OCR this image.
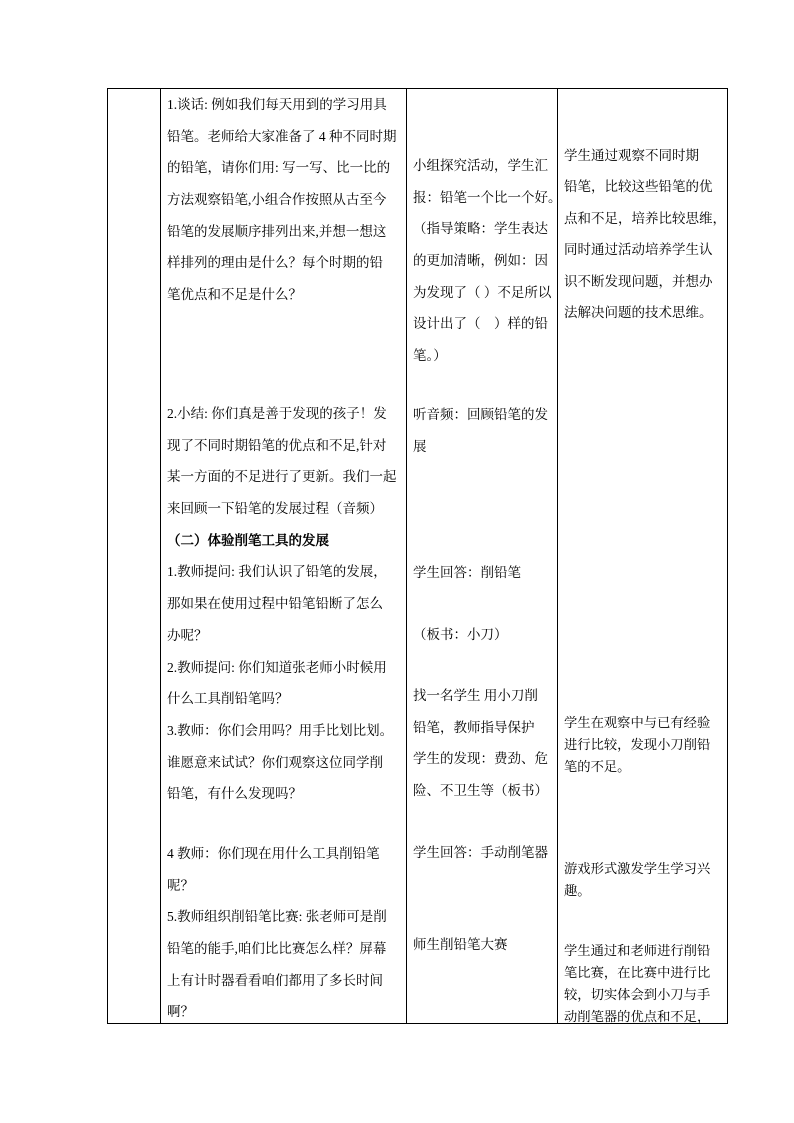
1.谈话: 例如我们每天用到的学习用具
铅笔。老师给大家准备了 4 种不同时期
的铅笔，请你们用: 写一写、比一比的
方法观察铅笔,小组合作按照从古至今
铅笔的发展顺序排列出来,并想一想这
样排列的理由是什么？每个时期的铅
笔优点和不足是什么？
2.小结: 你们真是善于发现的孩子！发
现了不同时期铅笔的优点和不足,针对
某一方面的不足进行了更新。我们一起
来回顾一下铅笔的发展过程（音频）
（二）体验削笔工具的发展
1.教师提问: 我们认识了铅笔的发展，
那如果在使用过程中铅笔铅断了怎么
办呢？
2.教师提问: 你们知道张老师小时候用
什么工具削铅笔吗？
3.教师：你们会用吗？用手比划比划。
谁愿意来试试？你们观察这位同学削
铅笔，有什么发现吗？
4 教师：你们现在用什么工具削铅笔
呢？
5.教师组织削铅笔比赛: 张老师可是削
铅笔的能手,咱们比比赛怎么样？屏幕
上有计时器看看咱们都用了多长时间
啊？
小组探究活动，学生汇
报：铅笔一个比一个好。
（指导策略：学生表达
的更加清晰，例如：因
为发现了（ ）不足所以
设计出了（　）样的铅
笔。）
听音频：回顾铅笔的发
展
学生回答：削铅笔
（板书：小刀）
找一名学生 用小刀削
铅笔，教师指导保护
学生的发现：费劲、危
险、不卫生等（板书）
学生回答：手动削笔器
师生削铅笔大赛
学生通过观察不同时期
铅笔，比较这些铅笔的优
点和不足，培养比较思维，
同时通过活动培养学生认
识不断发现问题，并想办
法解决问题的技术思维。
学生在观察中与已有经验
进行比较，发现小刀削铅
笔的不足。
游戏形式激发学生学习兴
趣。
学生通过和老师进行削铅
笔比赛，在比赛中进行比
较，切实体会到小刀与手
动削笔器的优点和不足，
